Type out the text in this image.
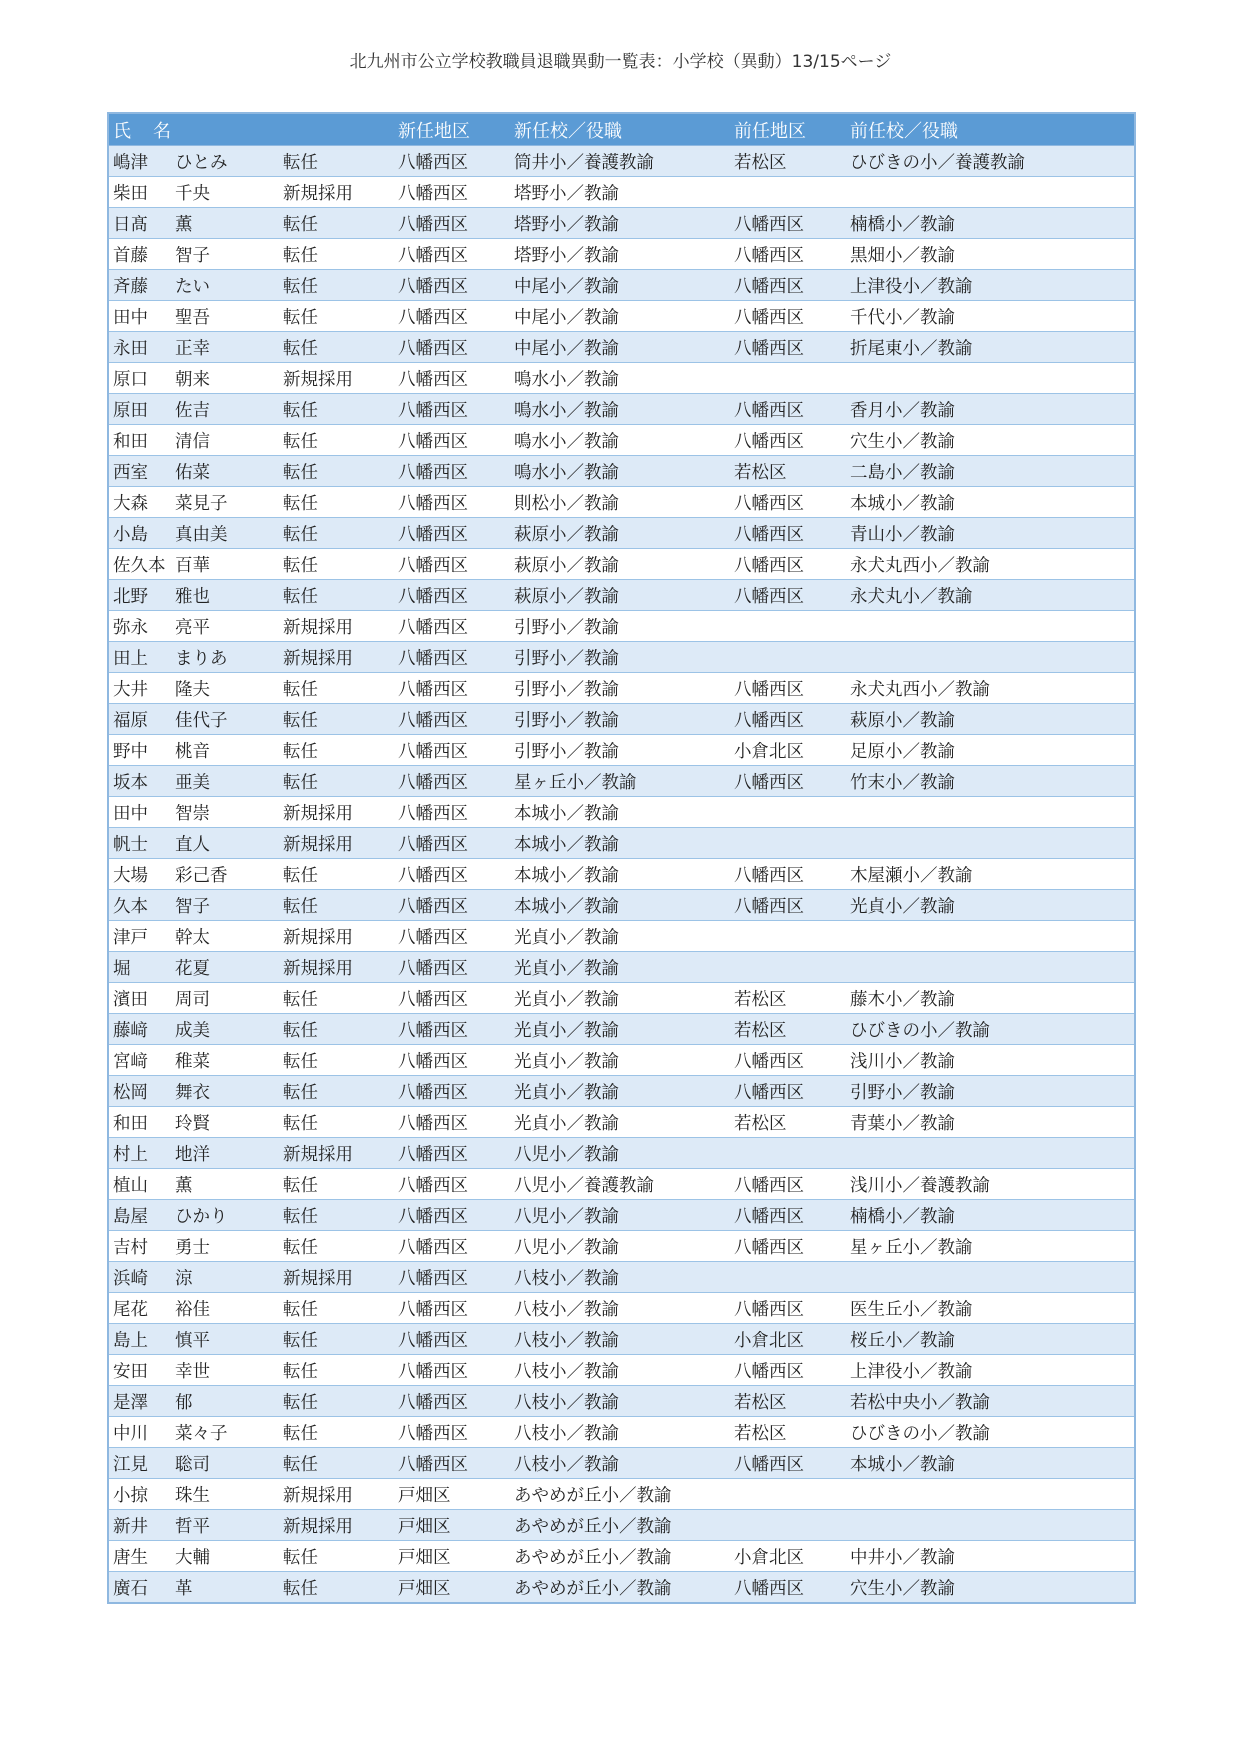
北九州市公立学校教職員退職異動一覧表：小学校（異動）13/15ページ
氏 名		新任地区	新任校／役職	前任地区	前任校／役職
嶋津 ひとみ	転任	八幡西区	筒井小／養護教諭	若松区	ひびきの小／養護教諭
柴田 千央	新規採用	八幡西区	塔野小／教諭		
日髙 薫	転任	八幡西区	塔野小／教諭	八幡西区	楠橋小／教諭
首藤 智子	転任	八幡西区	塔野小／教諭	八幡西区	黒畑小／教諭
斉藤 たい	転任	八幡西区	中尾小／教諭	八幡西区	上津役小／教諭
田中 聖吾	転任	八幡西区	中尾小／教諭	八幡西区	千代小／教諭
永田 正幸	転任	八幡西区	中尾小／教諭	八幡西区	折尾東小／教諭
原口 朝来	新規採用	八幡西区	鳴水小／教諭		
原田 佐吉	転任	八幡西区	鳴水小／教諭	八幡西区	香月小／教諭
和田 清信	転任	八幡西区	鳴水小／教諭	八幡西区	穴生小／教諭
西室 佑菜	転任	八幡西区	鳴水小／教諭	若松区	二島小／教諭
大森 菜見子	転任	八幡西区	則松小／教諭	八幡西区	本城小／教諭
小島 真由美	転任	八幡西区	萩原小／教諭	八幡西区	青山小／教諭
佐久本 百華	転任	八幡西区	萩原小／教諭	八幡西区	永犬丸西小／教諭
北野 雅也	転任	八幡西区	萩原小／教諭	八幡西区	永犬丸小／教諭
弥永 亮平	新規採用	八幡西区	引野小／教諭		
田上 まりあ	新規採用	八幡西区	引野小／教諭		
大井 隆夫	転任	八幡西区	引野小／教諭	八幡西区	永犬丸西小／教諭
福原 佳代子	転任	八幡西区	引野小／教諭	八幡西区	萩原小／教諭
野中 桃音	転任	八幡西区	引野小／教諭	小倉北区	足原小／教諭
坂本 亜美	転任	八幡西区	星ヶ丘小／教諭	八幡西区	竹末小／教諭
田中 智崇	新規採用	八幡西区	本城小／教諭		
帆士 直人	新規採用	八幡西区	本城小／教諭		
大場 彩己香	転任	八幡西区	本城小／教諭	八幡西区	木屋瀬小／教諭
久本 智子	転任	八幡西区	本城小／教諭	八幡西区	光貞小／教諭
津戸 幹太	新規採用	八幡西区	光貞小／教諭		
堀 花夏	新規採用	八幡西区	光貞小／教諭		
濱田 周司	転任	八幡西区	光貞小／教諭	若松区	藤木小／教諭
藤﨑 成美	転任	八幡西区	光貞小／教諭	若松区	ひびきの小／教諭
宮﨑 稚菜	転任	八幡西区	光貞小／教諭	八幡西区	浅川小／教諭
松岡 舞衣	転任	八幡西区	光貞小／教諭	八幡西区	引野小／教諭
和田 玲賢	転任	八幡西区	光貞小／教諭	若松区	青葉小／教諭
村上 地洋	新規採用	八幡西区	八児小／教諭		
植山 薫	転任	八幡西区	八児小／養護教諭	八幡西区	浅川小／養護教諭
島屋 ひかり	転任	八幡西区	八児小／教諭	八幡西区	楠橋小／教諭
吉村 勇士	転任	八幡西区	八児小／教諭	八幡西区	星ヶ丘小／教諭
浜崎 涼	新規採用	八幡西区	八枝小／教諭		
尾花 裕佳	転任	八幡西区	八枝小／教諭	八幡西区	医生丘小／教諭
島上 慎平	転任	八幡西区	八枝小／教諭	小倉北区	桜丘小／教諭
安田 幸世	転任	八幡西区	八枝小／教諭	八幡西区	上津役小／教諭
是澤 郁	転任	八幡西区	八枝小／教諭	若松区	若松中央小／教諭
中川 菜々子	転任	八幡西区	八枝小／教諭	若松区	ひびきの小／教諭
江見 聡司	転任	八幡西区	八枝小／教諭	八幡西区	本城小／教諭
小掠 珠生	新規採用	戸畑区	あやめが丘小／教諭		
新井 哲平	新規採用	戸畑区	あやめが丘小／教諭		
唐生 大輔	転任	戸畑区	あやめが丘小／教諭	小倉北区	中井小／教諭
廣石 革	転任	戸畑区	あやめが丘小／教諭	八幡西区	穴生小／教諭
